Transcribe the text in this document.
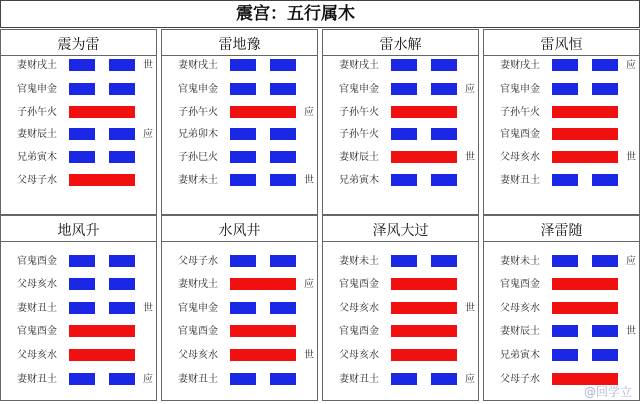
震宫：五行属木
震为雷
妻财戌土	世
官鬼申金
子孙午火
妻财辰土	应
兄弟寅木
父母子水
雷地豫
妻财戌土
官鬼申金
子孙午火	应
兄弟卯木
子孙巳火
妻财未土	世
雷水解
妻财戌土
官鬼申金	应
子孙午火
子孙午火
妻财辰土	世
兄弟寅木
雷风恒
妻财戌土	应
官鬼申金
子孙午火
官鬼酉金
父母亥水	世
妻财丑土
地风升
官鬼酉金
父母亥水
妻财丑土	世
官鬼酉金
父母亥水
妻财丑土	应
水风井
父母子水
妻财戌土	应
官鬼申金
官鬼酉金
父母亥水	世
妻财丑土
泽风大过
妻财未土
官鬼酉金
父母亥水	世
官鬼酉金
父母亥水
妻财丑土	应
泽雷随
妻财未土	应
官鬼酉金
父母亥水
妻财辰土	世
兄弟寅木
父母子水
@回学立
